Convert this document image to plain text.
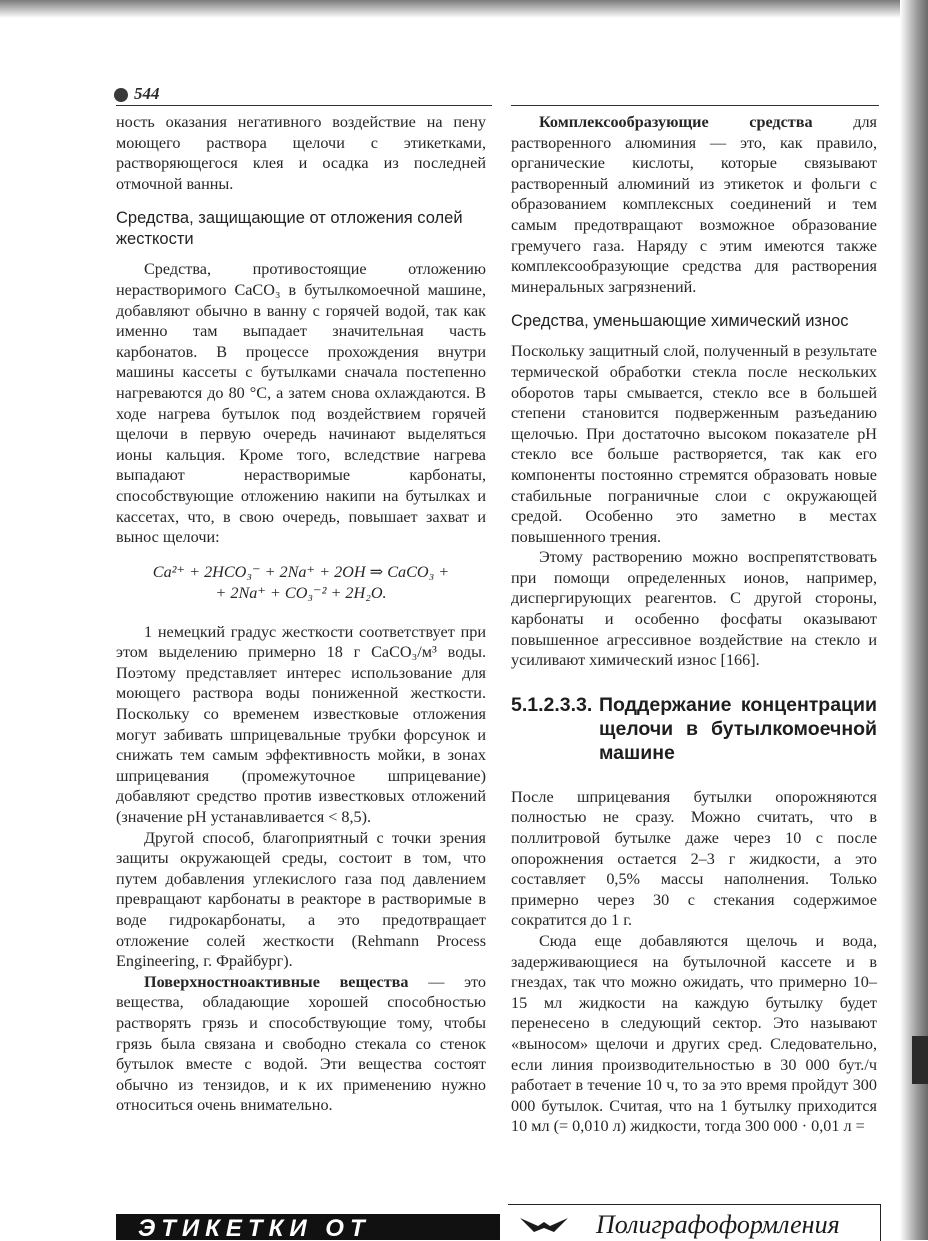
544

ность оказания негативного воздействие на пену моющего раствора щелочи с этикетками, растворяющегося клея и осадка из последней отмочной ванны.

Средства, защищающие от отложения солей жесткости

Средства, противостоящие отложению нерастворимого CaCO₃ в бутылкомоечной машине, добавляют обычно в ванну с горячей водой, так как именно там выпадает значительная часть карбонатов. В процессе прохождения внутри машины кассеты с бутылками сначала постепенно нагреваются до 80 °С, а затем снова охлаждаются. В ходе нагрева бутылок под воздействием горячей щелочи в первую очередь начинают выделяться ионы кальция. Кроме того, вследствие нагрева выпадают нерастворимые карбонаты, способствующие отложению накипи на бутылках и кассетах, что, в свою очередь, повышает захват и вынос щелочи:

Ca²⁺ + 2HCO₃⁻ + 2Na⁺ + 2OH ⇒ CaCO₃ +
+ 2Na⁺ + CO₃⁻² + 2H₂O.

1 немецкий градус жесткости соответствует при этом выделению примерно 18 г CaCO₃/м³ воды. Поэтому представляет интерес использование для моющего раствора воды пониженной жесткости. Поскольку со временем известковые отложения могут забивать шприцевальные трубки форсунок и снижать тем самым эффективность мойки, в зонах шприцевания (промежуточное шприцевание) добавляют средство против известковых отложений (значение pH устанавливается < 8,5).

Другой способ, благоприятный с точки зрения защиты окружающей среды, состоит в том, что путем добавления углекислого газа под давлением превращают карбонаты в реакторе в растворимые в воде гидрокарбонаты, а это предотвращает отложение солей жесткости (Rehmann Process Engineering, г. Фрайбург).

Поверхностноактивные вещества — это вещества, обладающие хорошей способностью растворять грязь и способствующие тому, чтобы грязь была связана и свободно стекала со стенок бутылок вместе с водой. Эти вещества состоят обычно из тензидов, и к их применению нужно относиться очень внимательно.

Комплексообразующие средства для растворенного алюминия — это, как правило, органические кислоты, которые связывают растворенный алюминий из этикеток и фольги с образованием комплексных соединений и тем самым предотвращают возможное образование гремучего газа. Наряду с этим имеются также комплексообразующие средства для растворения минеральных загрязнений.

Средства, уменьшающие химический износ

Поскольку защитный слой, полученный в результате термической обработки стекла после нескольких оборотов тары смывается, стекло все в большей степени становится подверженным разъеданию щелочью. При достаточно высоком показателе pH стекло все больше растворяется, так как его компоненты постоянно стремятся образовать новые стабильные пограничные слои с окружающей средой. Особенно это заметно в местах повышенного трения.

Этому растворению можно воспрепятствовать при помощи определенных ионов, например, диспергирующих реагентов. С другой стороны, карбонаты и особенно фосфаты оказывают повышенное агрессивное воздействие на стекло и усиливают химический износ [166].

5.1.2.3.3. Поддержание концентрации щелочи в бутылкомоечной машине

После шприцевания бутылки опорожняются полностью не сразу. Можно считать, что в поллитровой бутылке даже через 10 с после опорожнения остается 2–3 г жидкости, а это составляет 0,5% массы наполнения. Только примерно через 30 с стекания содержимое сократится до 1 г.

Сюда еще добавляются щелочь и вода, задерживающиеся на бутылочной кассете и в гнездах, так что можно ожидать, что примерно 10–15 мл жидкости на каждую бутылку будет перенесено в следующий сектор. Это называют «выносом» щелочи и других сред. Следовательно, если линия производительностью в 30 000 бут./ч работает в течение 10 ч, то за это время пройдут 300 000 бутылок. Считая, что на 1 бутылку приходится 10 мл (= 0,010 л) жидкости, тогда 300 000 · 0,01 л =

ЭТИКЕТКИ ОТ	Полиграфоформления
